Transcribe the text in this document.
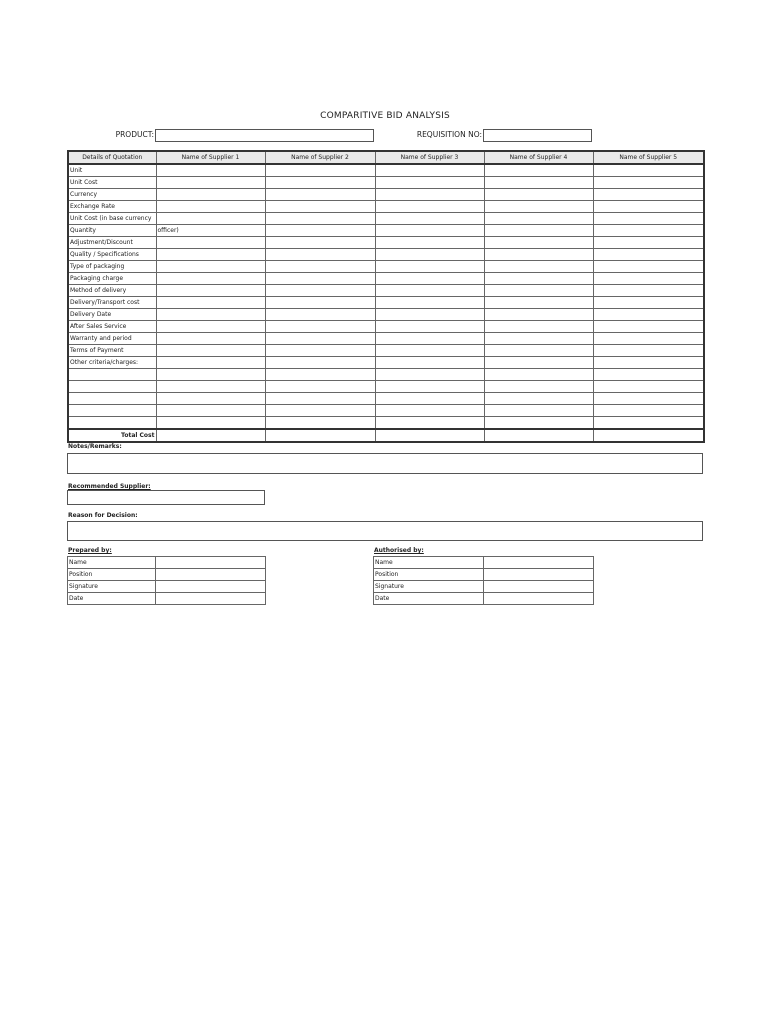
COMPARITIVE BID ANALYSIS
PRODUCT:	REQUISITION NO:
Details of Quotation	Name of Supplier 1	Name of Supplier 2	Name of Supplier 3	Name of Supplier 4	Name of Supplier 5
Unit					
Unit Cost					
Currency					
Exchange Rate					
Unit Cost (in base currency					
Quantity	officer)				
Adjustment/Discount					
Quality / Specifications					
Type of packaging					
Packaging charge					
Method of delivery					
Delivery/Transport cost					
Delivery Date					
After Sales Service					
Warranty and period					
Terms of Payment					
Other criteria/charges:					

Total Cost					
Notes/Remarks:
Recommended Supplier:
Reason for Decision:
Prepared by:
Name	
Position	
Signature	
Date	
Authorised by:
Name	
Position	
Signature	
Date	
